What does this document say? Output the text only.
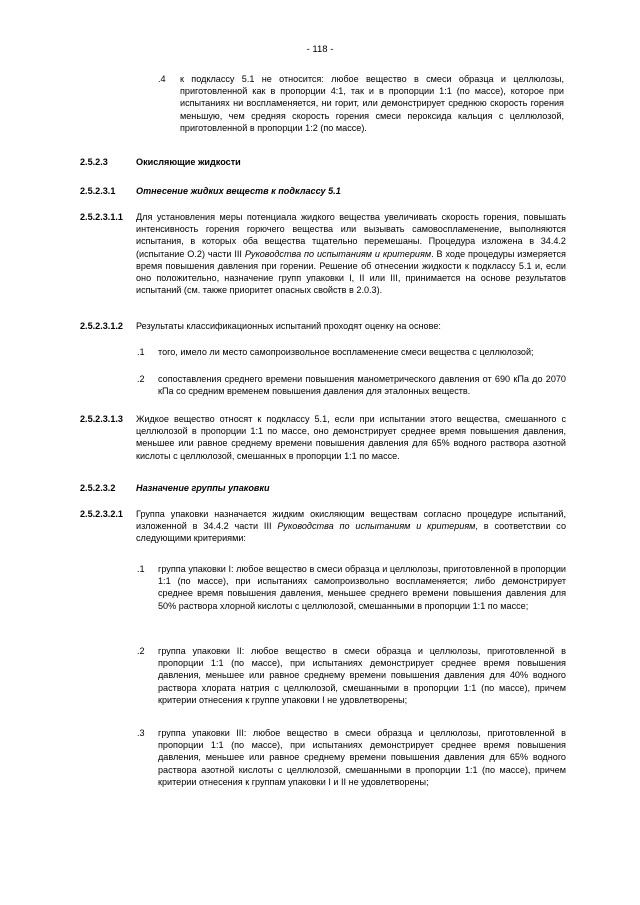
- 118 -
.4 к подклассу 5.1 не относится: любое вещество в смеси образца и целлюлозы, приготовленной как в пропорции 4:1, так и в пропорции 1:1 (по массе), которое при испытаниях ни воспламеняется, ни горит, или демонстрирует среднюю скорость горения меньшую, чем средняя скорость горения смеси пероксида кальция с целлюлозой, приготовленной в пропорции 1:2 (по массе).
2.5.2.3	Окисляющие жидкости
2.5.2.3.1 Отнесение жидких веществ к подклассу 5.1
2.5.2.3.1.1 Для установления меры потенциала жидкого вещества увеличивать скорость горения, повышать интенсивность горения горючего вещества или вызывать самовоспламенение, выполняются испытания, в которых оба вещества тщательно перемешаны. Процедура изложена в 34.4.2 (испытание O.2) части III Руководства по испытаниям и критериям. В ходе процедуры измеряется время повышения давления при горении. Решение об отнесении жидкости к подклассу 5.1 и, если оно положительно, назначение групп упаковки I, II или III, принимается на основе результатов испытаний (см. также приоритет опасных свойств в 2.0.3).
2.5.2.3.1.2 Результаты классификационных испытаний проходят оценку на основе:
.1 того, имело ли место самопроизвольное воспламенение смеси вещества с целлюлозой;
.2 сопоставления среднего времени повышения манометрического давления от 690 кПа до 2070 кПа со средним временем повышения давления для эталонных веществ.
2.5.2.3.1.3 Жидкое вещество относят к подклассу 5.1, если при испытании этого вещества, смешанного с целлюлозой в пропорции 1:1 по массе, оно демонстрирует среднее время повышения давления, меньшее или равное среднему времени повышения давления для 65% водного раствора азотной кислоты с целлюлозой, смешанных в пропорции 1:1 по массе.
2.5.2.3.2 Назначение группы упаковки
2.5.2.3.2.1 Группа упаковки назначается жидким окисляющим веществам согласно процедуре испытаний, изложенной в 34.4.2 части III Руководства по испытаниям и критериям, в соответствии со следующими критериями:
.1 группа упаковки I: любое вещество в смеси образца и целлюлозы, приготовленной в пропорции 1:1 (по массе), при испытаниях самопроизвольно воспламеняется; либо демонстрирует среднее время повышения давления, меньшее среднего времени повышения давления для 50% раствора хлорной кислоты с целлюлозой, смешанными в пропорции 1:1 по массе;
.2 группа упаковки II: любое вещество в смеси образца и целлюлозы, приготовленной в пропорции 1:1 (по массе), при испытаниях демонстрирует среднее время повышения давления, меньшее или равное среднему времени повышения давления для 40% водного раствора хлората натрия с целлюлозой, смешанными в пропорции 1:1 (по массе), причем критерии отнесения к группе упаковки I не удовлетворены;
.3 группа упаковки III: любое вещество в смеси образца и целлюлозы, приготовленной в пропорции 1:1 (по массе), при испытаниях демонстрирует среднее время повышения давления, меньшее или равное среднему времени повышения давления для 65% водного раствора азотной кислоты с целлюлозой, смешанными в пропорции 1:1 (по массе), причем критерии отнесения к группам упаковки I и II не удовлетворены;
